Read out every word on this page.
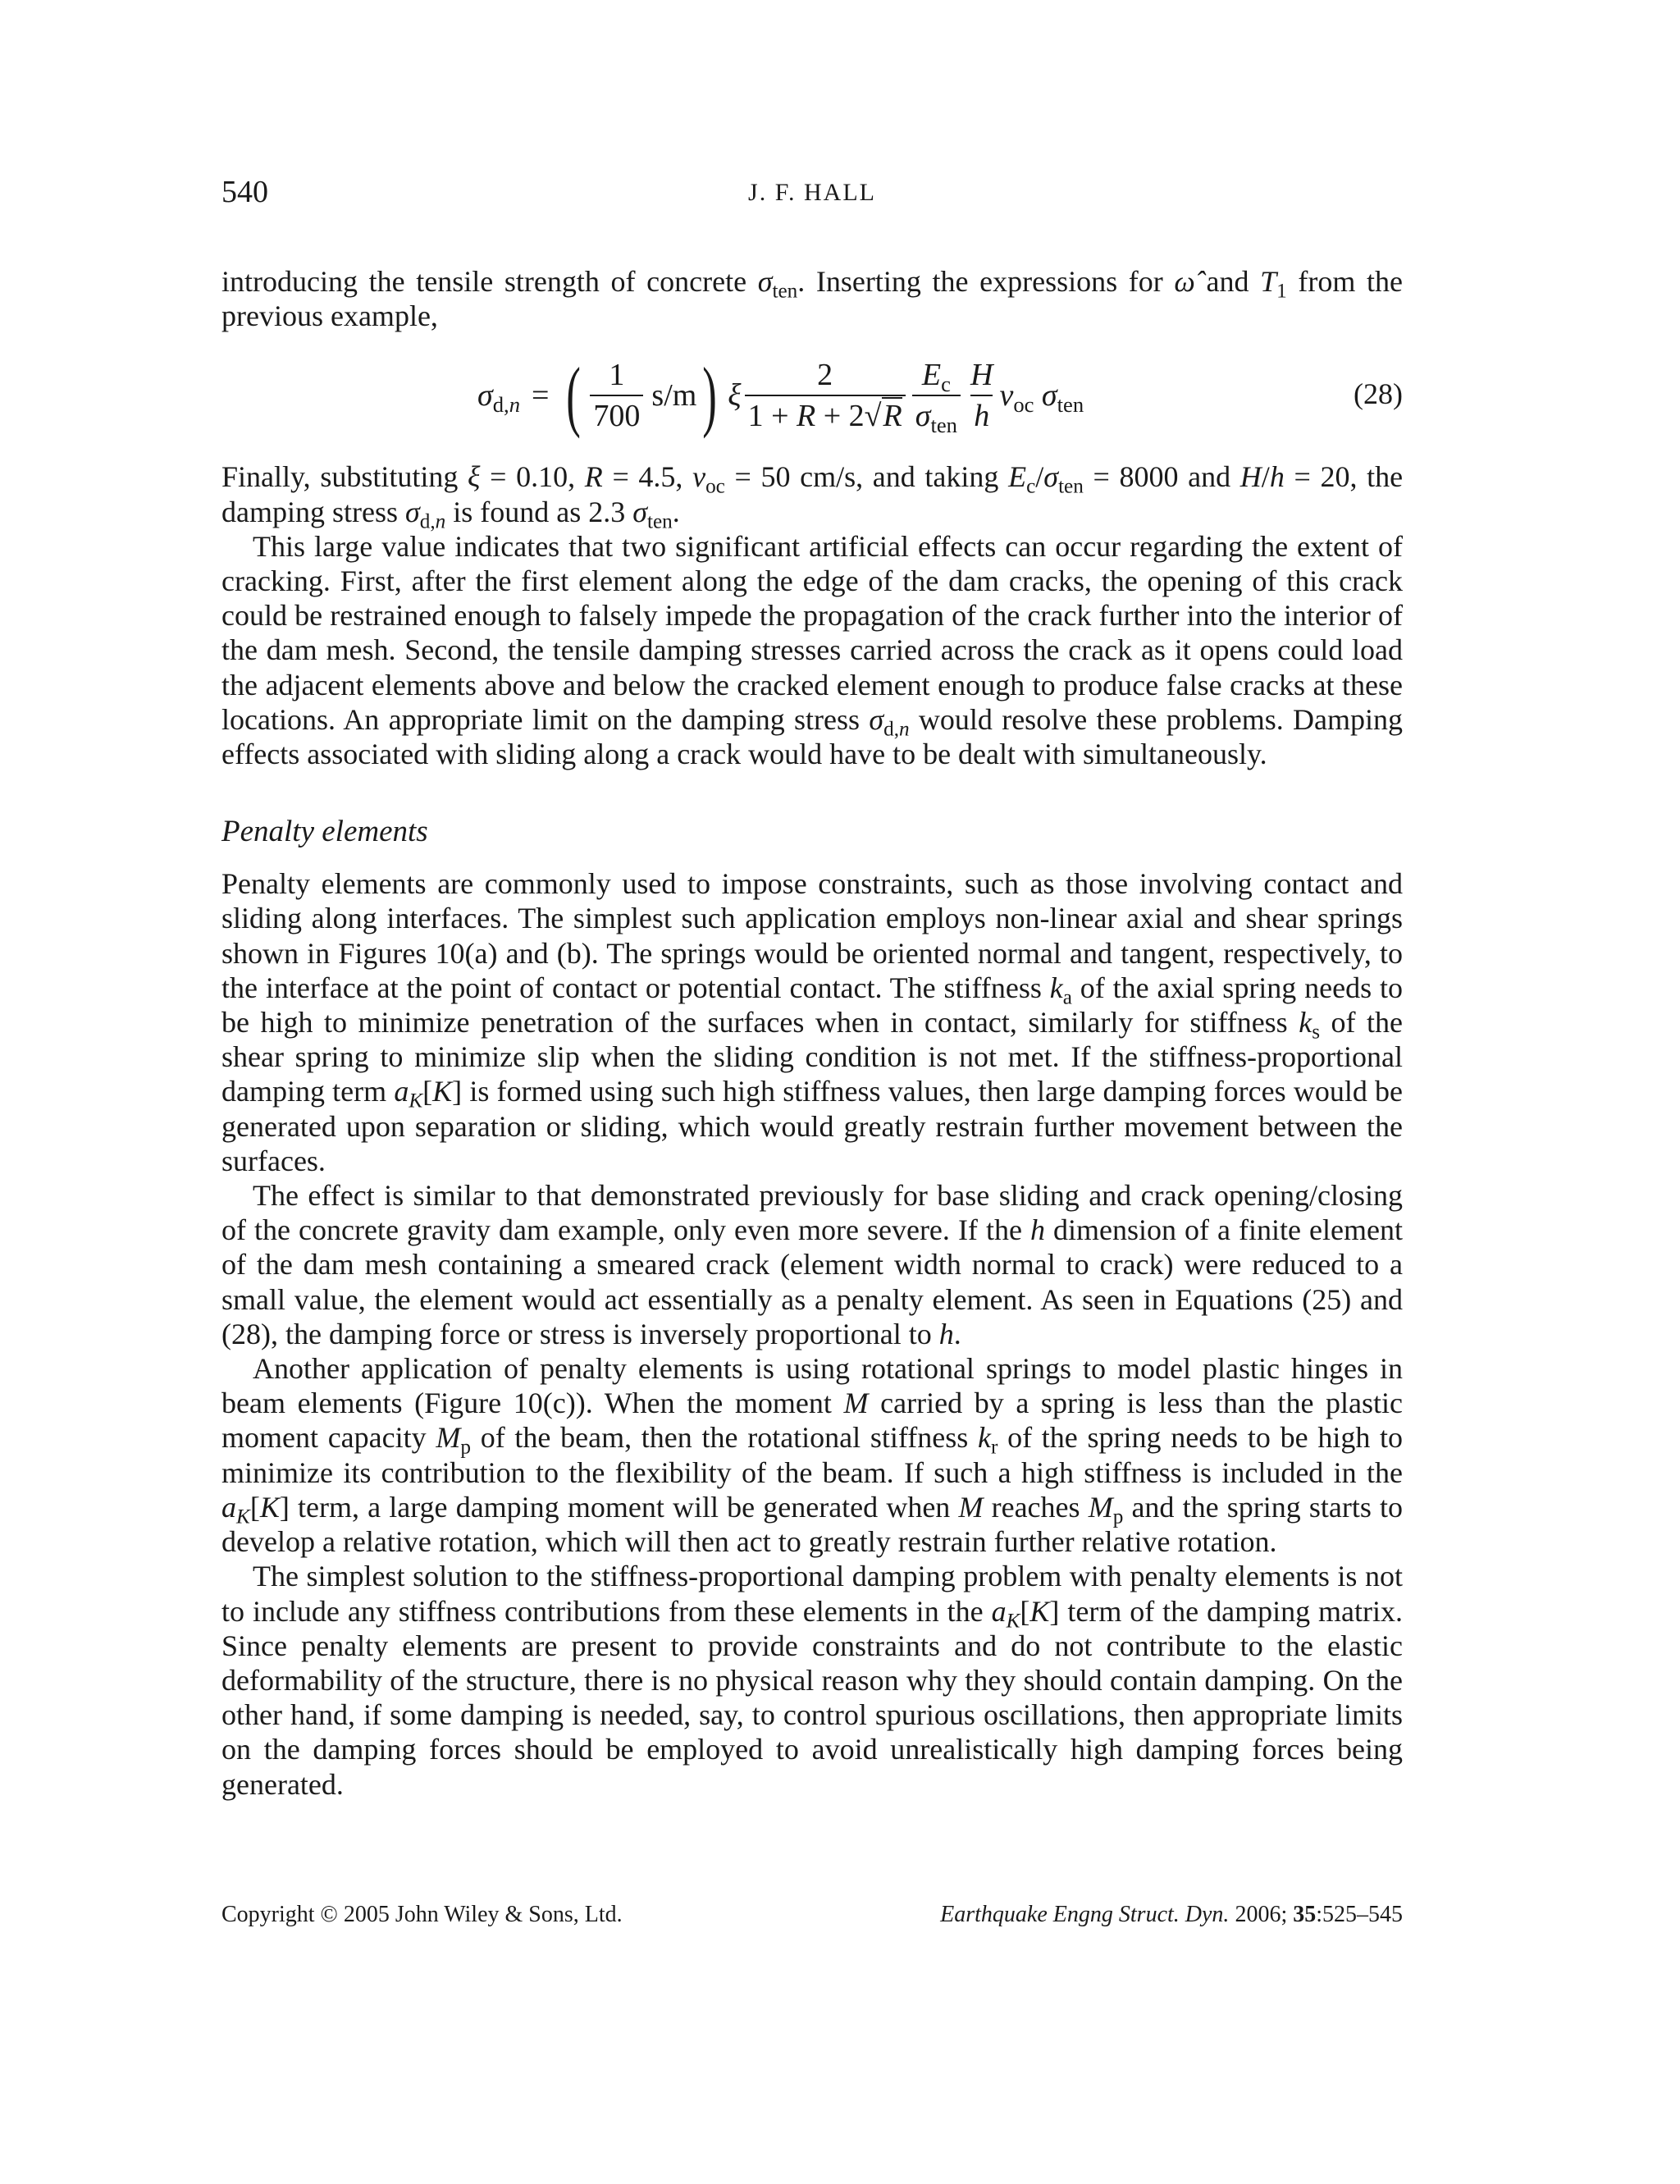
540	J. F. HALL

introducing the tensile strength of concrete $\sigma_{ten}$. Inserting the expressions for ω̂ and $T_1$ from the previous example,

$\sigma_{d,n}$ = ( $\frac{1}{700} s/m$ ) ξ $\frac{2}{1 + R + 2√R} \frac{E_c}{\sigma_{ten}} \frac{H}{h} v_{oc}$ $\sigma_{ten}$	(28)

Finally, substituting ξ = 0.10, R = 4.5, $v_{oc} = 50$ cm/s, and taking $E_c/\sigma_{ten} = 8000$ and H/h = 20, the damping stress $\sigma_{d,n}$ is found as 2.3 $\sigma_{ten}$.

This large value indicates that two significant artificial effects can occur regarding the extent of cracking. First, after the first element along the edge of the dam cracks, the opening of this crack could be restrained enough to falsely impede the propagation of the crack further into the interior of the dam mesh. Second, the tensile damping stresses carried across the crack as it opens could load the adjacent elements above and below the cracked element enough to produce false cracks at these locations. An appropriate limit on the damping stress $\sigma_{d,n}$ would resolve these problems. Damping effects associated with sliding along a crack would have to be dealt with simultaneously.

Penalty elements

Penalty elements are commonly used to impose constraints, such as those involving contact and sliding along interfaces. The simplest such application employs non-linear axial and shear springs shown in Figures 10(a) and (b). The springs would be oriented normal and tangent, respectively, to the interface at the point of contact or potential contact. The stiffness $k_a$ of the axial spring needs to be high to minimize penetration of the surfaces when in contact, similarly for stiffness $k_s$ of the shear spring to minimize slip when the sliding condition is not met. If the stiffness-proportional damping term $a_K[K]$ is formed using such high stiffness values, then large damping forces would be generated upon separation or sliding, which would greatly restrain further movement between the surfaces.

The effect is similar to that demonstrated previously for base sliding and crack opening/closing of the concrete gravity dam example, only even more severe. If the h dimension of a finite element of the dam mesh containing a smeared crack (element width normal to crack) were reduced to a small value, the element would act essentially as a penalty element. As seen in Equations (25) and (28), the damping force or stress is inversely proportional to h.

Another application of penalty elements is using rotational springs to model plastic hinges in beam elements (Figure 10(c)). When the moment M carried by a spring is less than the plastic moment capacity $M_p$ of the beam, then the rotational stiffness $k_r$ of the spring needs to be high to minimize its contribution to the flexibility of the beam. If such a high stiffness is included in the $a_K[K]$ term, a large damping moment will be generated when M reaches $M_p$ and the spring starts to develop a relative rotation, which will then act to greatly restrain further relative rotation.

The simplest solution to the stiffness-proportional damping problem with penalty elements is not to include any stiffness contributions from these elements in the $a_K[K]$ term of the damping matrix. Since penalty elements are present to provide constraints and do not contribute to the elastic deformability of the structure, there is no physical reason why they should contain damping. On the other hand, if some damping is needed, say, to control spurious oscillations, then appropriate limits on the damping forces should be employed to avoid unrealistically high damping forces being generated.

Copyright © 2005 John Wiley & Sons, Ltd.	Earthquake Engng Struct. Dyn. 2006; 35:525–545
